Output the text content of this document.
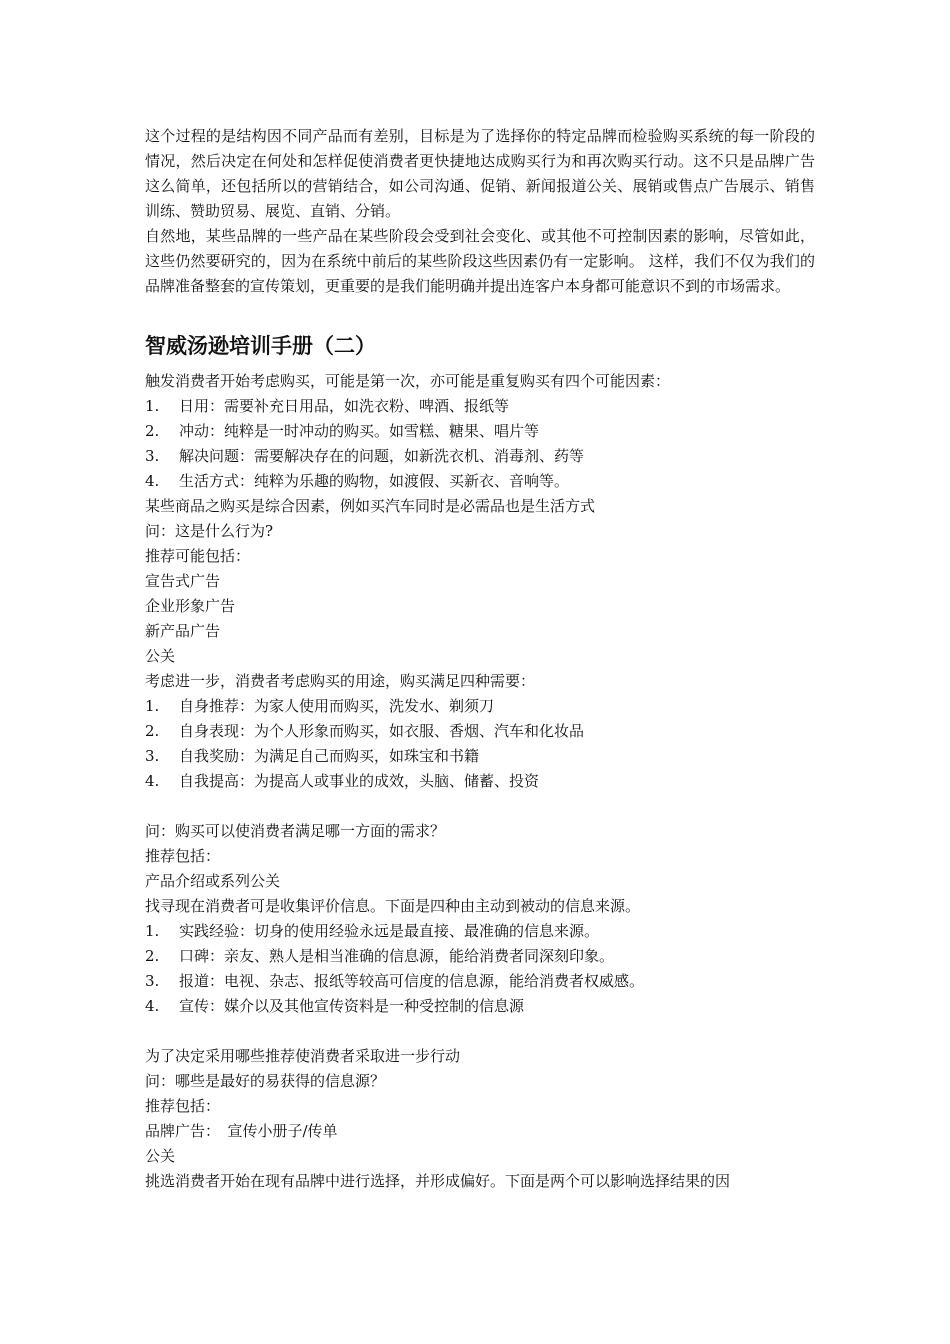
这个过程的是结构因不同产品而有差别，目标是为了选择你的特定品牌而检验购买系统的每一阶段的情况，然后决定在何处和怎样促使消费者更快捷地达成购买行为和再次购买行动。这不只是品牌广告这么简单，还包括所以的营销结合，如公司沟通、促销、新闻报道公关、展销或售点广告展示、销售训练、赞助贸易、展览、直销、分销。

自然地，某些品牌的一些产品在某些阶段会受到社会变化、或其他不可控制因素的影响，尽管如此，这些仍然要研究的，因为在系统中前后的某些阶段这些因素仍有一定影响。 这样，我们不仅为我们的品牌准备整套的宣传策划，更重要的是我们能明确并提出连客户本身都可能意识不到的市场需求。

智威汤逊培训手册（二）

触发消费者开始考虑购买，可能是第一次，亦可能是重复购买有四个可能因素：

1. 日用：需要补充日用品，如洗衣粉、啤酒、报纸等

2. 冲动：纯粹是一时冲动的购买。如雪糕、糖果、唱片等

3. 解决问题：需要解决存在的问题，如新洗衣机、消毒剂、药等

4. 生活方式：纯粹为乐趣的购物，如渡假、买新衣、音响等。

某些商品之购买是综合因素，例如买汽车同时是必需品也是生活方式

问：这是什么行为?

推荐可能包括：

宣告式广告

企业形象广告

新产品广告

公关

考虑进一步，消费者考虑购买的用途，购买满足四种需要：

1. 自身推荐：为家人使用而购买，洗发水、剃须刀

2. 自身表现：为个人形象而购买，如衣服、香烟、汽车和化妆品

3. 自我奖励：为满足自己而购买，如珠宝和书籍

4. 自我提高：为提高人或事业的成效，头脑、储蓄、投资

问：购买可以使消费者满足哪一方面的需求？

推荐包括：

产品介绍或系列公关

找寻现在消费者可是收集评价信息。下面是四种由主动到被动的信息来源。

1. 实践经验：切身的使用经验永远是最直接、最准确的信息来源。

2. 口碑：亲友、熟人是相当准确的信息源，能给消费者同深刻印象。

3. 报道：电视、杂志、报纸等较高可信度的信息源，能给消费者权威感。

4. 宣传：媒介以及其他宣传资料是一种受控制的信息源

为了决定采用哪些推荐使消费者采取进一步行动

问：哪些是最好的易获得的信息源？

推荐包括：

品牌广告：　宣传小册子/传单

公关

挑选消费者开始在现有品牌中进行选择，并形成偏好。下面是两个可以影响选择结果的因
